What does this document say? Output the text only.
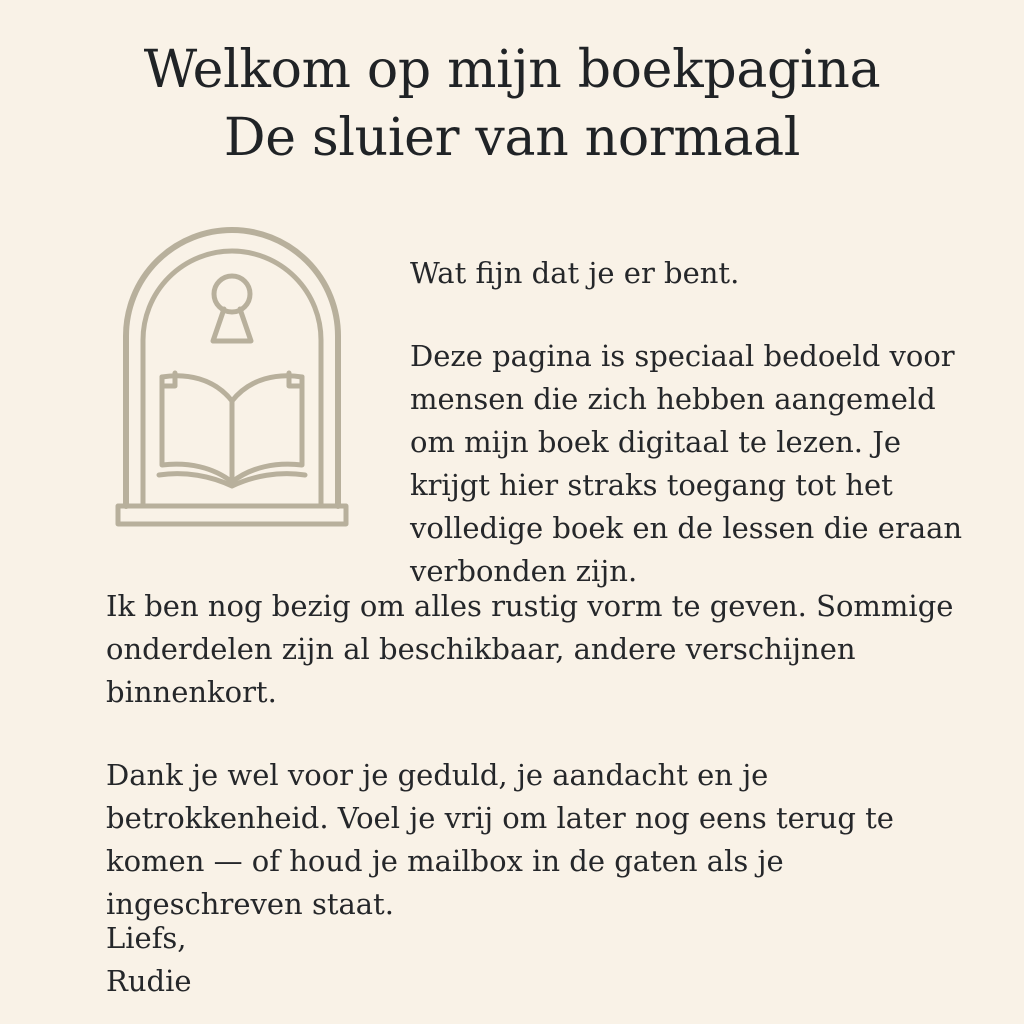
Welkom op mijn boekpagina
De sluier van normaal

Wat fijn dat je er bent.

Deze pagina is speciaal bedoeld voor mensen die zich hebben aangemeld om mijn boek digitaal te lezen. Je krijgt hier straks toegang tot het volledige boek en de lessen die eraan verbonden zijn.

Ik ben nog bezig om alles rustig vorm te geven. Sommige onderdelen zijn al beschikbaar, andere verschijnen binnenkort.

Dank je wel voor je geduld, je aandacht en je betrokkenheid. Voel je vrij om later nog eens terug te komen — of houd je mailbox in de gaten als je ingeschreven staat.

Liefs,
Rudie
